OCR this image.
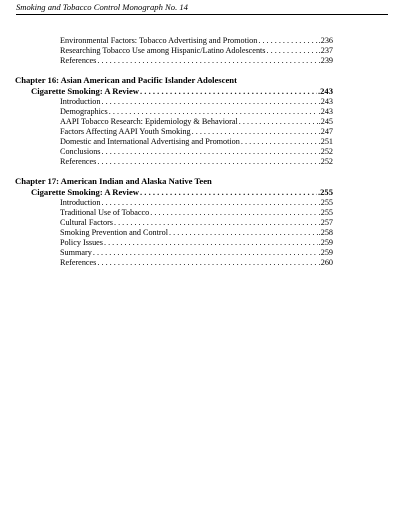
Smoking and Tobacco Control Monograph No. 14
Environmental Factors: Tobacco Advertising and Promotion . . .	.236
Researching Tobacco Use among Hispanic/Latino Adolescents . . .	.237
References . . .	.239
Chapter 16: Asian American and Pacific Islander Adolescent
Cigarette Smoking: A Review . . .	.243
Introduction . . .	.243
Demographics . . .	.243
AAPI Tobacco Research: Epidemiology & Behavioral . . .	.245
Factors Affecting AAPI Youth Smoking . . .	.247
Domestic and International Advertising and Promotion . . .	.251
Conclusions . . .	.252
References . . .	.252
Chapter 17: American Indian and Alaska Native Teen
Cigarette Smoking: A Review . . .	.255
Introduction . . .	.255
Traditional Use of Tobacco . . .	.255
Cultural Factors . . .	.257
Smoking Prevention and Control . . .	.258
Policy Issues . . .	.259
Summary . . .	.259
References . . .	.260
